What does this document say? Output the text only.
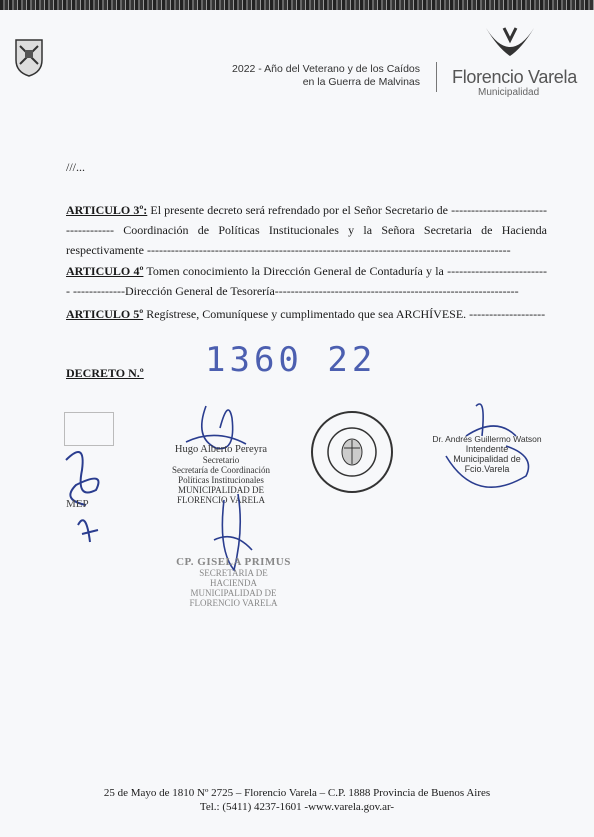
2022 - Año del Veterano y de los Caídos
en la Guerra de Malvinas Florencio Varela
Municipalidad
///...
ARTICULO 3º: El presente decreto será refrendado por el Señor Secretario de ------------------------ ------------ Coordinación de Políticas Institucionales y la Señora Secretaria de Hacienda respectivamente -------------------------------------------------------------------------------------------
ARTICULO 4º Tomen conocimiento la Dirección General de Contaduría y la -------------------------- -------------Dirección General de Tesorería-------------------------------------------------------------
ARTICULO 5º Regístrese, Comuníquese y cumplimentado que sea ARCHÍVESE. -------------------
DECRETO N.º 1360 22
MEP
Hugo Alberto Pereyra
Secretario
Secretaría de Coordinación
Políticas Institucionales
MUNICIPALIDAD DE FLORENCIO VARELA
CP. GISELA PRIMUS
SECRETARIA DE HACIENDA
MUNICIPALIDAD DE FLORENCIO VARELA
Dr. Andrés Guillermo Watson
Intendente
Municipalidad de Fcio.Varela
25 de Mayo de 1810 Nº 2725 – Florencio Varela – C.P. 1888 Provincia de Buenos Aires
Tel.: (5411) 4237-1601 -www.varela.gov.ar-
